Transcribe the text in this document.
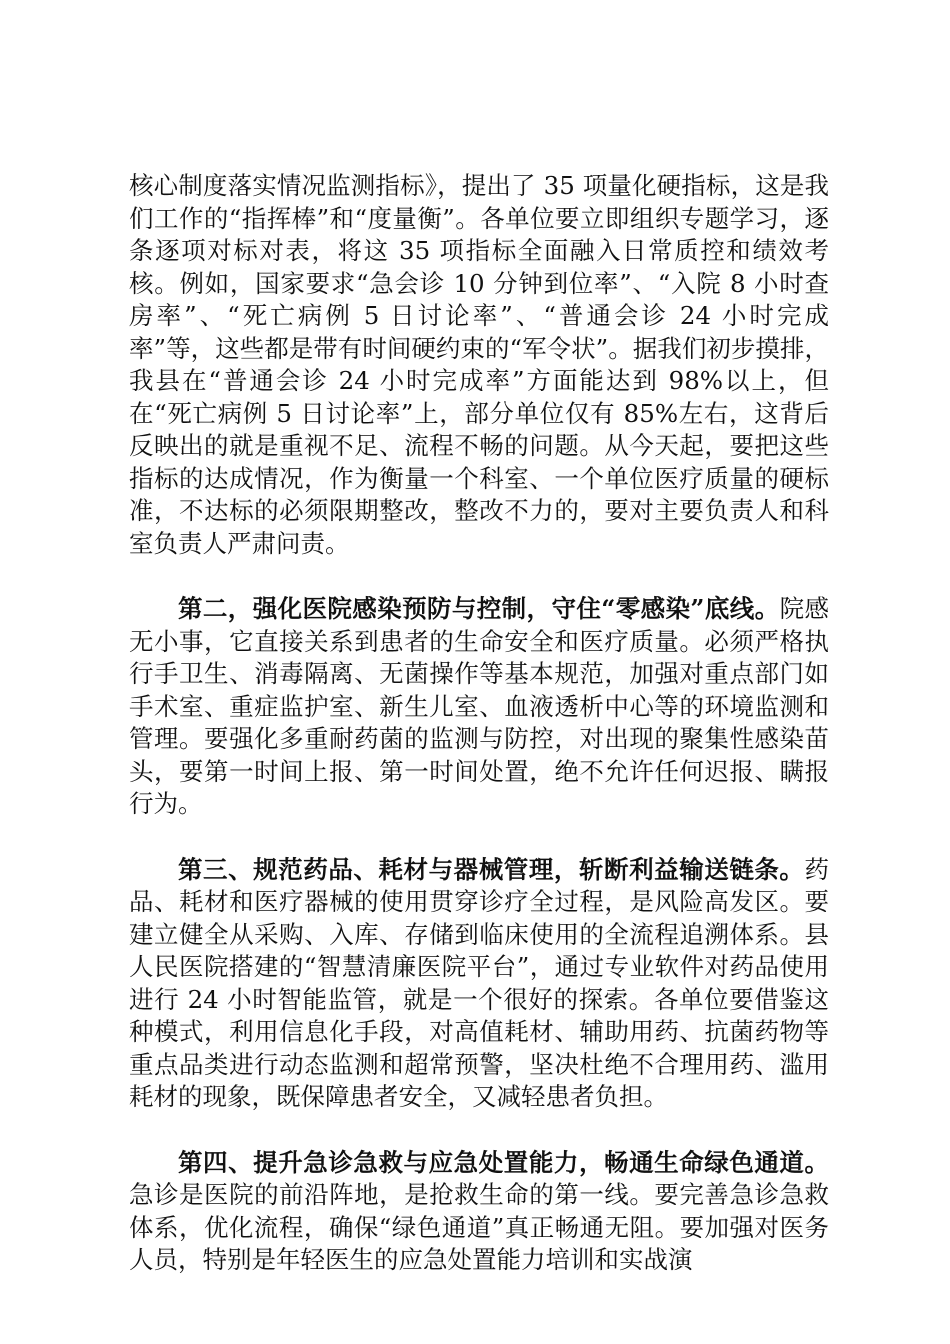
核心制度落实情况监测指标》，提出了 35 项量化硬指标，这是我们工作的“指挥棒”和“度量衡”。各单位要立即组织专题学习，逐条逐项对标对表，将这 35 项指标全面融入日常质控和绩效考核。例如，国家要求“急会诊 10 分钟到位率”、“入院 8 小时查房率”、“死亡病例 5 日讨论率”、“普通会诊 24 小时完成率”等，这些都是带有时间硬约束的“军令状”。据我们初步摸排，我县在“普通会诊 24 小时完成率”方面能达到 98%以上，但在“死亡病例 5 日讨论率”上，部分单位仅有 85%左右，这背后反映出的就是重视不足、流程不畅的问题。从今天起，要把这些指标的达成情况，作为衡量一个科室、一个单位医疗质量的硬标准，不达标的必须限期整改，整改不力的，要对主要负责人和科室负责人严肃问责。

第二，强化医院感染预防与控制，守住“零感染”底线。院感无小事，它直接关系到患者的生命安全和医疗质量。必须严格执行手卫生、消毒隔离、无菌操作等基本规范，加强对重点部门如手术室、重症监护室、新生儿室、血液透析中心等的环境监测和管理。要强化多重耐药菌的监测与防控，对出现的聚集性感染苗头，要第一时间上报、第一时间处置，绝不允许任何迟报、瞒报行为。

第三、规范药品、耗材与器械管理，斩断利益输送链条。药品、耗材和医疗器械的使用贯穿诊疗全过程，是风险高发区。要建立健全从采购、入库、存储到临床使用的全流程追溯体系。县人民医院搭建的“智慧清廉医院平台”，通过专业软件对药品使用进行 24 小时智能监管，就是一个很好的探索。各单位要借鉴这种模式，利用信息化手段，对高值耗材、辅助用药、抗菌药物等重点品类进行动态监测和超常预警，坚决杜绝不合理用药、滥用耗材的现象，既保障患者安全，又减轻患者负担。

第四、提升急诊急救与应急处置能力，畅通生命绿色通道。急诊是医院的前沿阵地，是抢救生命的第一线。要完善急诊急救体系，优化流程，确保“绿色通道”真正畅通无阻。要加强对医务人员，特别是年轻医生的应急处置能力培训和实战演
